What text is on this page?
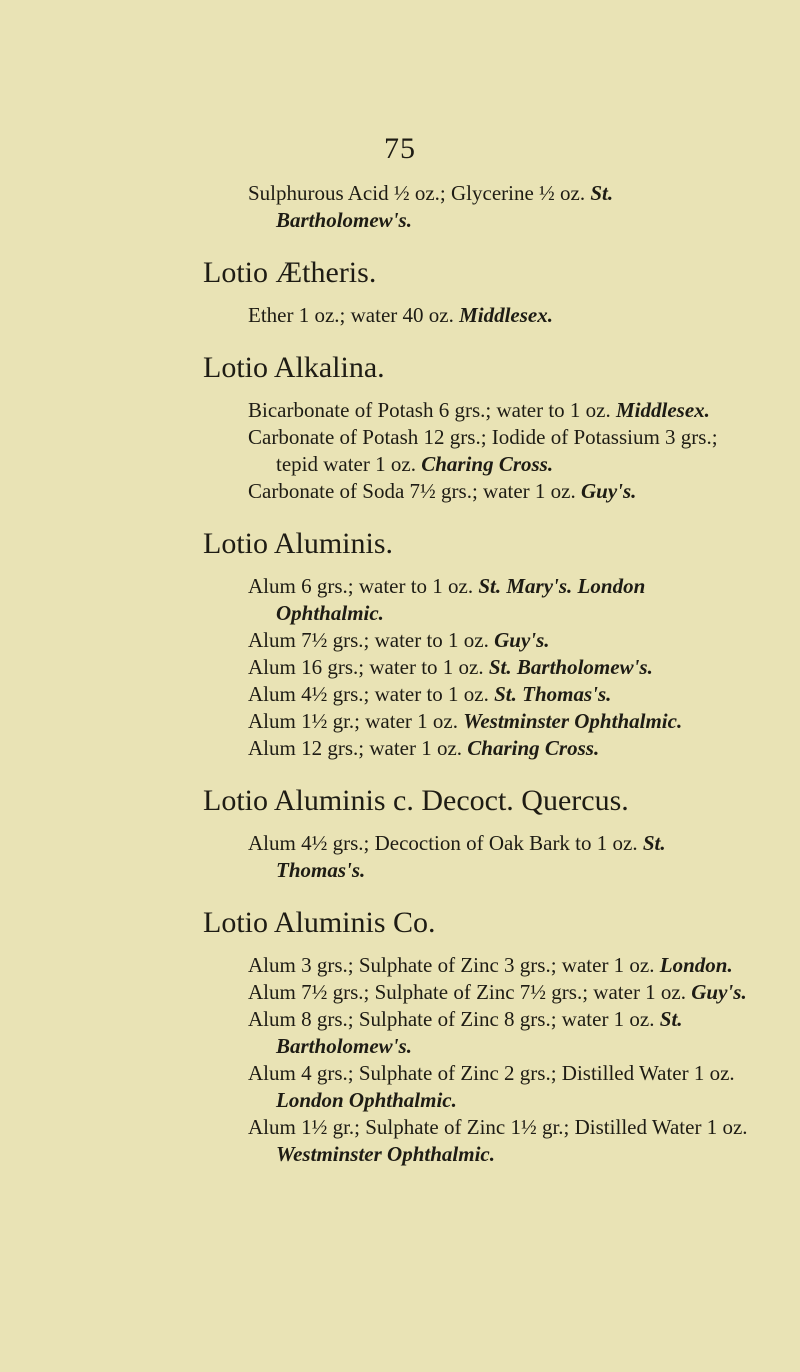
75
Sulphurous Acid ½ oz.; Glycerine ½ oz. St. Bartholomew's.
Lotio Ætheris.
Ether 1 oz.; water 40 oz. Middlesex.
Lotio Alkalina.
Bicarbonate of Potash 6 grs.; water to 1 oz. Middlesex.
Carbonate of Potash 12 grs.; Iodide of Potassium 3 grs.; tepid water 1 oz. Charing Cross.
Carbonate of Soda 7½ grs.; water 1 oz. Guy's.
Lotio Aluminis.
Alum 6 grs.; water to 1 oz. St. Mary's. London Ophthalmic.
Alum 7½ grs.; water to 1 oz. Guy's.
Alum 16 grs.; water to 1 oz. St. Bartholomew's.
Alum 4½ grs.; water to 1 oz. St. Thomas's.
Alum 1½ gr.; water 1 oz. Westminster Ophthalmic.
Alum 12 grs.; water 1 oz. Charing Cross.
Lotio Aluminis c. Decoct. Quercus.
Alum 4½ grs.; Decoction of Oak Bark to 1 oz. St. Thomas's.
Lotio Aluminis Co.
Alum 3 grs.; Sulphate of Zinc 3 grs.; water 1 oz. London.
Alum 7½ grs.; Sulphate of Zinc 7½ grs.; water 1 oz. Guy's.
Alum 8 grs.; Sulphate of Zinc 8 grs.; water 1 oz. St. Bartholomew's.
Alum 4 grs.; Sulphate of Zinc 2 grs.; Distilled Water 1 oz. London Ophthalmic.
Alum 1½ gr.; Sulphate of Zinc 1½ gr.; Distilled Water 1 oz. Westminster Ophthalmic.
